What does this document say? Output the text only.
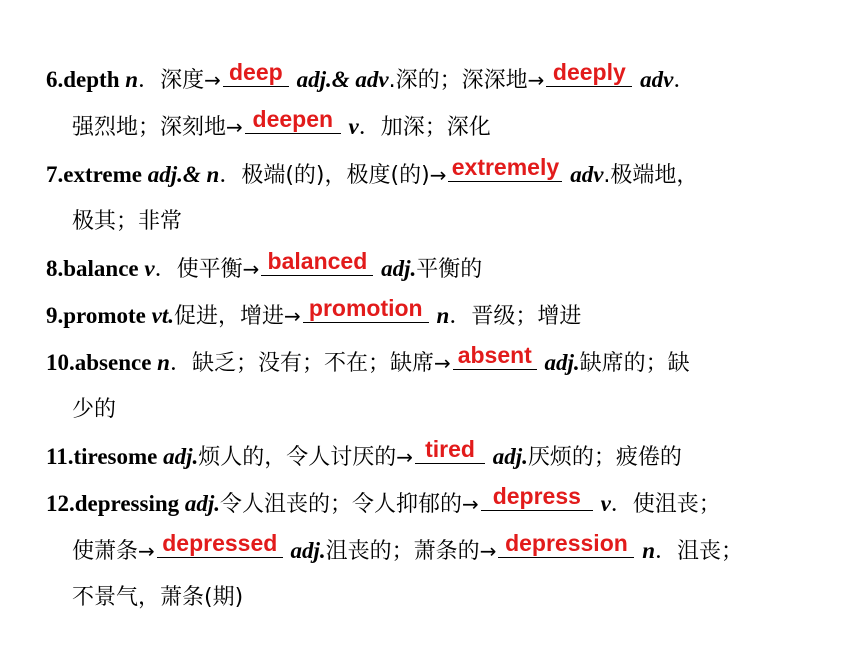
6.depth n．深度→ deep adj.& adv.深的；深深地→ deeply adv．
强烈地；深刻地→ deepen v．加深；深化
7.extreme adj.& n．极端(的)，极度(的)→ extremely adv.极端地，
极其；非常
8.balance v．使平衡→ balanced adj.平衡的
9.promote vt.促进，增进→ promotion n．晋级；增进
10.absence n．缺乏；没有；不在；缺席→ absent adj.缺席的；缺
少的
11.tiresome adj.烦人的，令人讨厌的→ tired adj.厌烦的；疲倦的
12.depressing adj.令人沮丧的；令人抑郁的→ depress v．使沮丧；
使萧条→ depressed adj.沮丧的；萧条的→ depression n．沮丧；
不景气，萧条(期)
